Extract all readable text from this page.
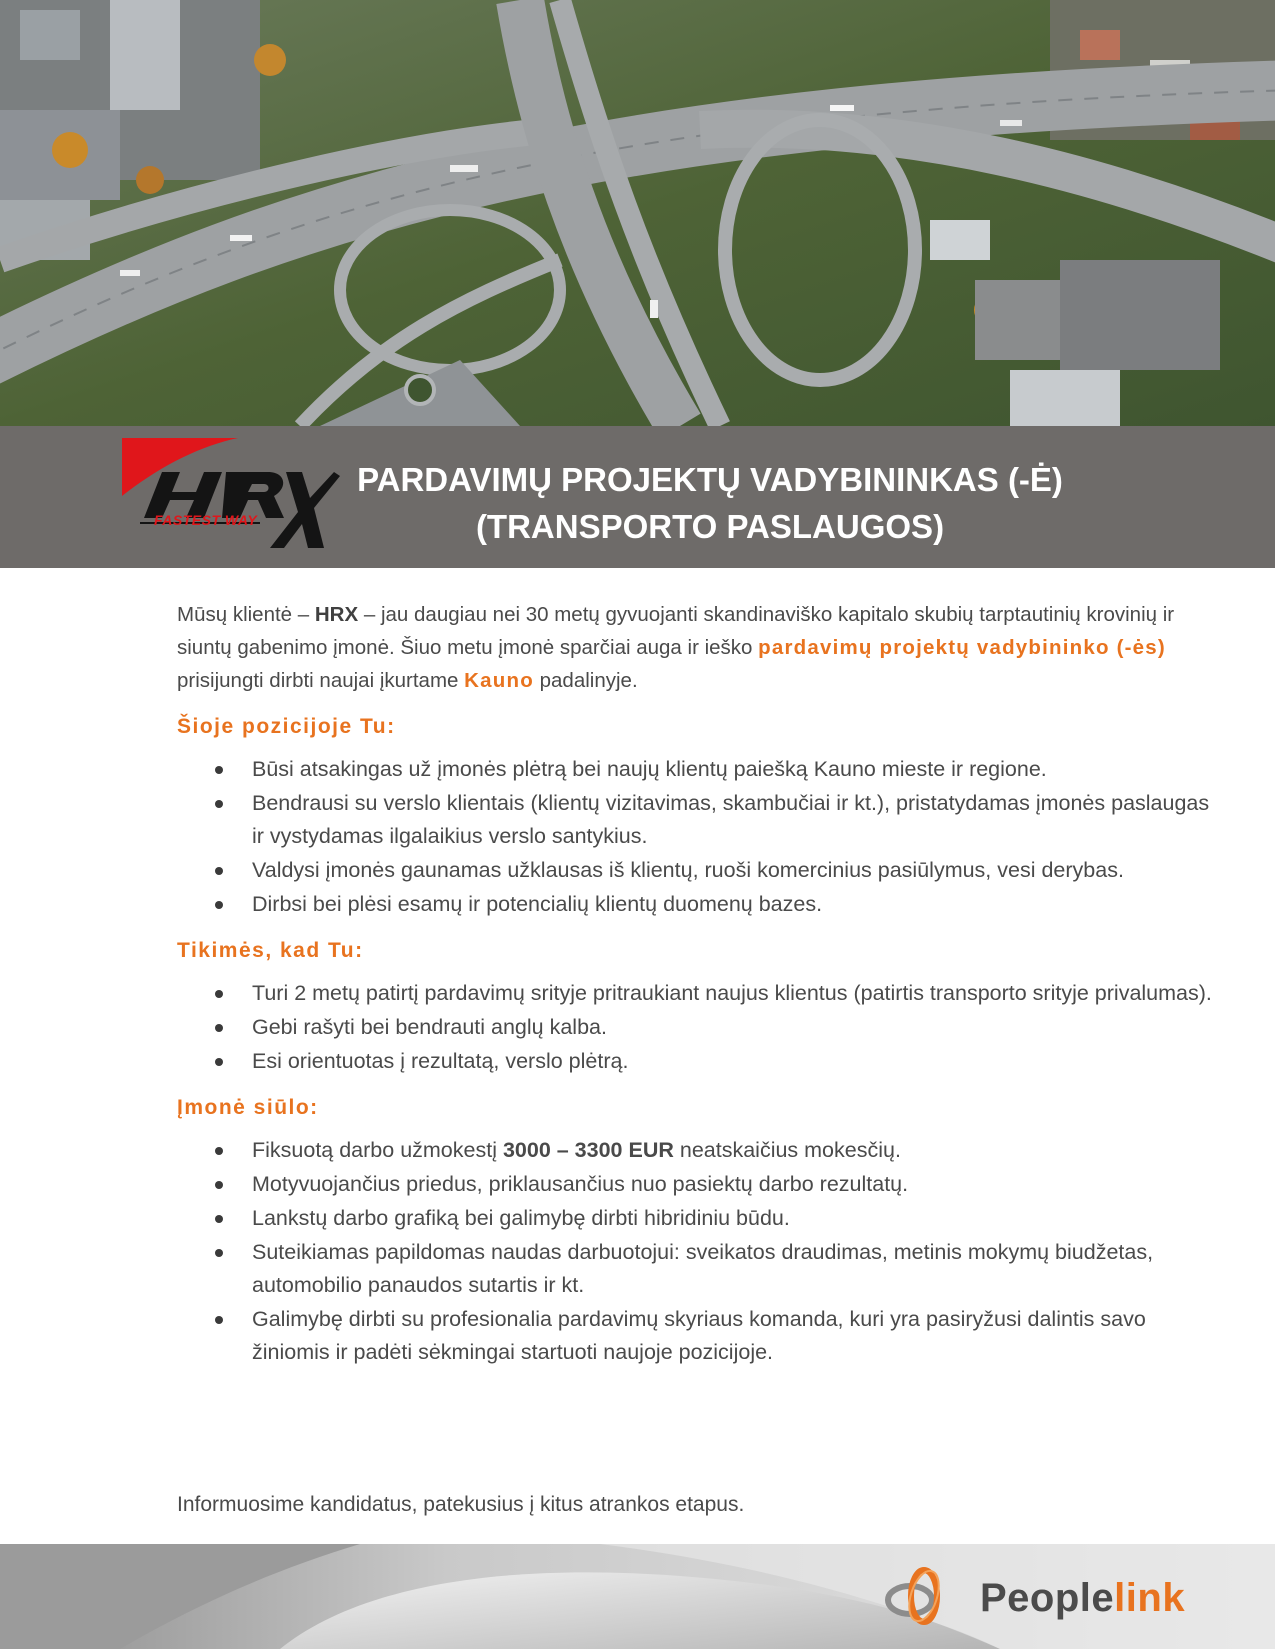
FASTEST WAY
PARDAVIMŲ PROJEKTŲ VADYBININKAS (-Ė)
(TRANSPORTO PASLAUGOS)

Mūsų klientė – HRX – jau daugiau nei 30 metų gyvuojanti skandinaviško kapitalo skubių tarptautinių krovinių ir siuntų gabenimo įmonė. Šiuo metu įmonė sparčiai auga ir ieško pardavimų projektų vadybininko (-ės) prisijungti dirbti naujai įkurtame Kauno padalinyje.

Šioje pozicijoje Tu:
Būsi atsakingas už įmonės plėtrą bei naujų klientų paiešką Kauno mieste ir regione.
Bendrausi su verslo klientais (klientų vizitavimas, skambučiai ir kt.), pristatydamas įmonės paslaugas ir vystydamas ilgalaikius verslo santykius.
Valdysi įmonės gaunamas užklausas iš klientų, ruoši komercinius pasiūlymus, vesi derybas.
Dirbsi bei plėsi esamų ir potencialių klientų duomenų bazes.
Tikimės, kad Tu:
Turi 2 metų patirtį pardavimų srityje pritraukiant naujus klientus (patirtis transporto srityje privalumas).
Gebi rašyti bei bendrauti anglų kalba.
Esi orientuotas į rezultatą, verslo plėtrą.
Įmonė siūlo:
Fiksuotą darbo užmokestį 3000 – 3300 EUR neatskaičius mokesčių.
Motyvuojančius priedus, priklausančius nuo pasiektų darbo rezultatų.
Lankstų darbo grafiką bei galimybę dirbti hibridiniu būdu.
Suteikiamas papildomas naudas darbuotojui: sveikatos draudimas, metinis mokymų biudžetas, automobilio panaudos sutartis ir kt.
Galimybę dirbti su profesionalia pardavimų skyriaus komanda, kuri yra pasiryžusi dalintis savo žiniomis ir padėti sėkmingai startuoti naujoje pozicijoje.

Informuosime kandidatus, patekusius į kitus atrankos etapus.

Peoplelink
